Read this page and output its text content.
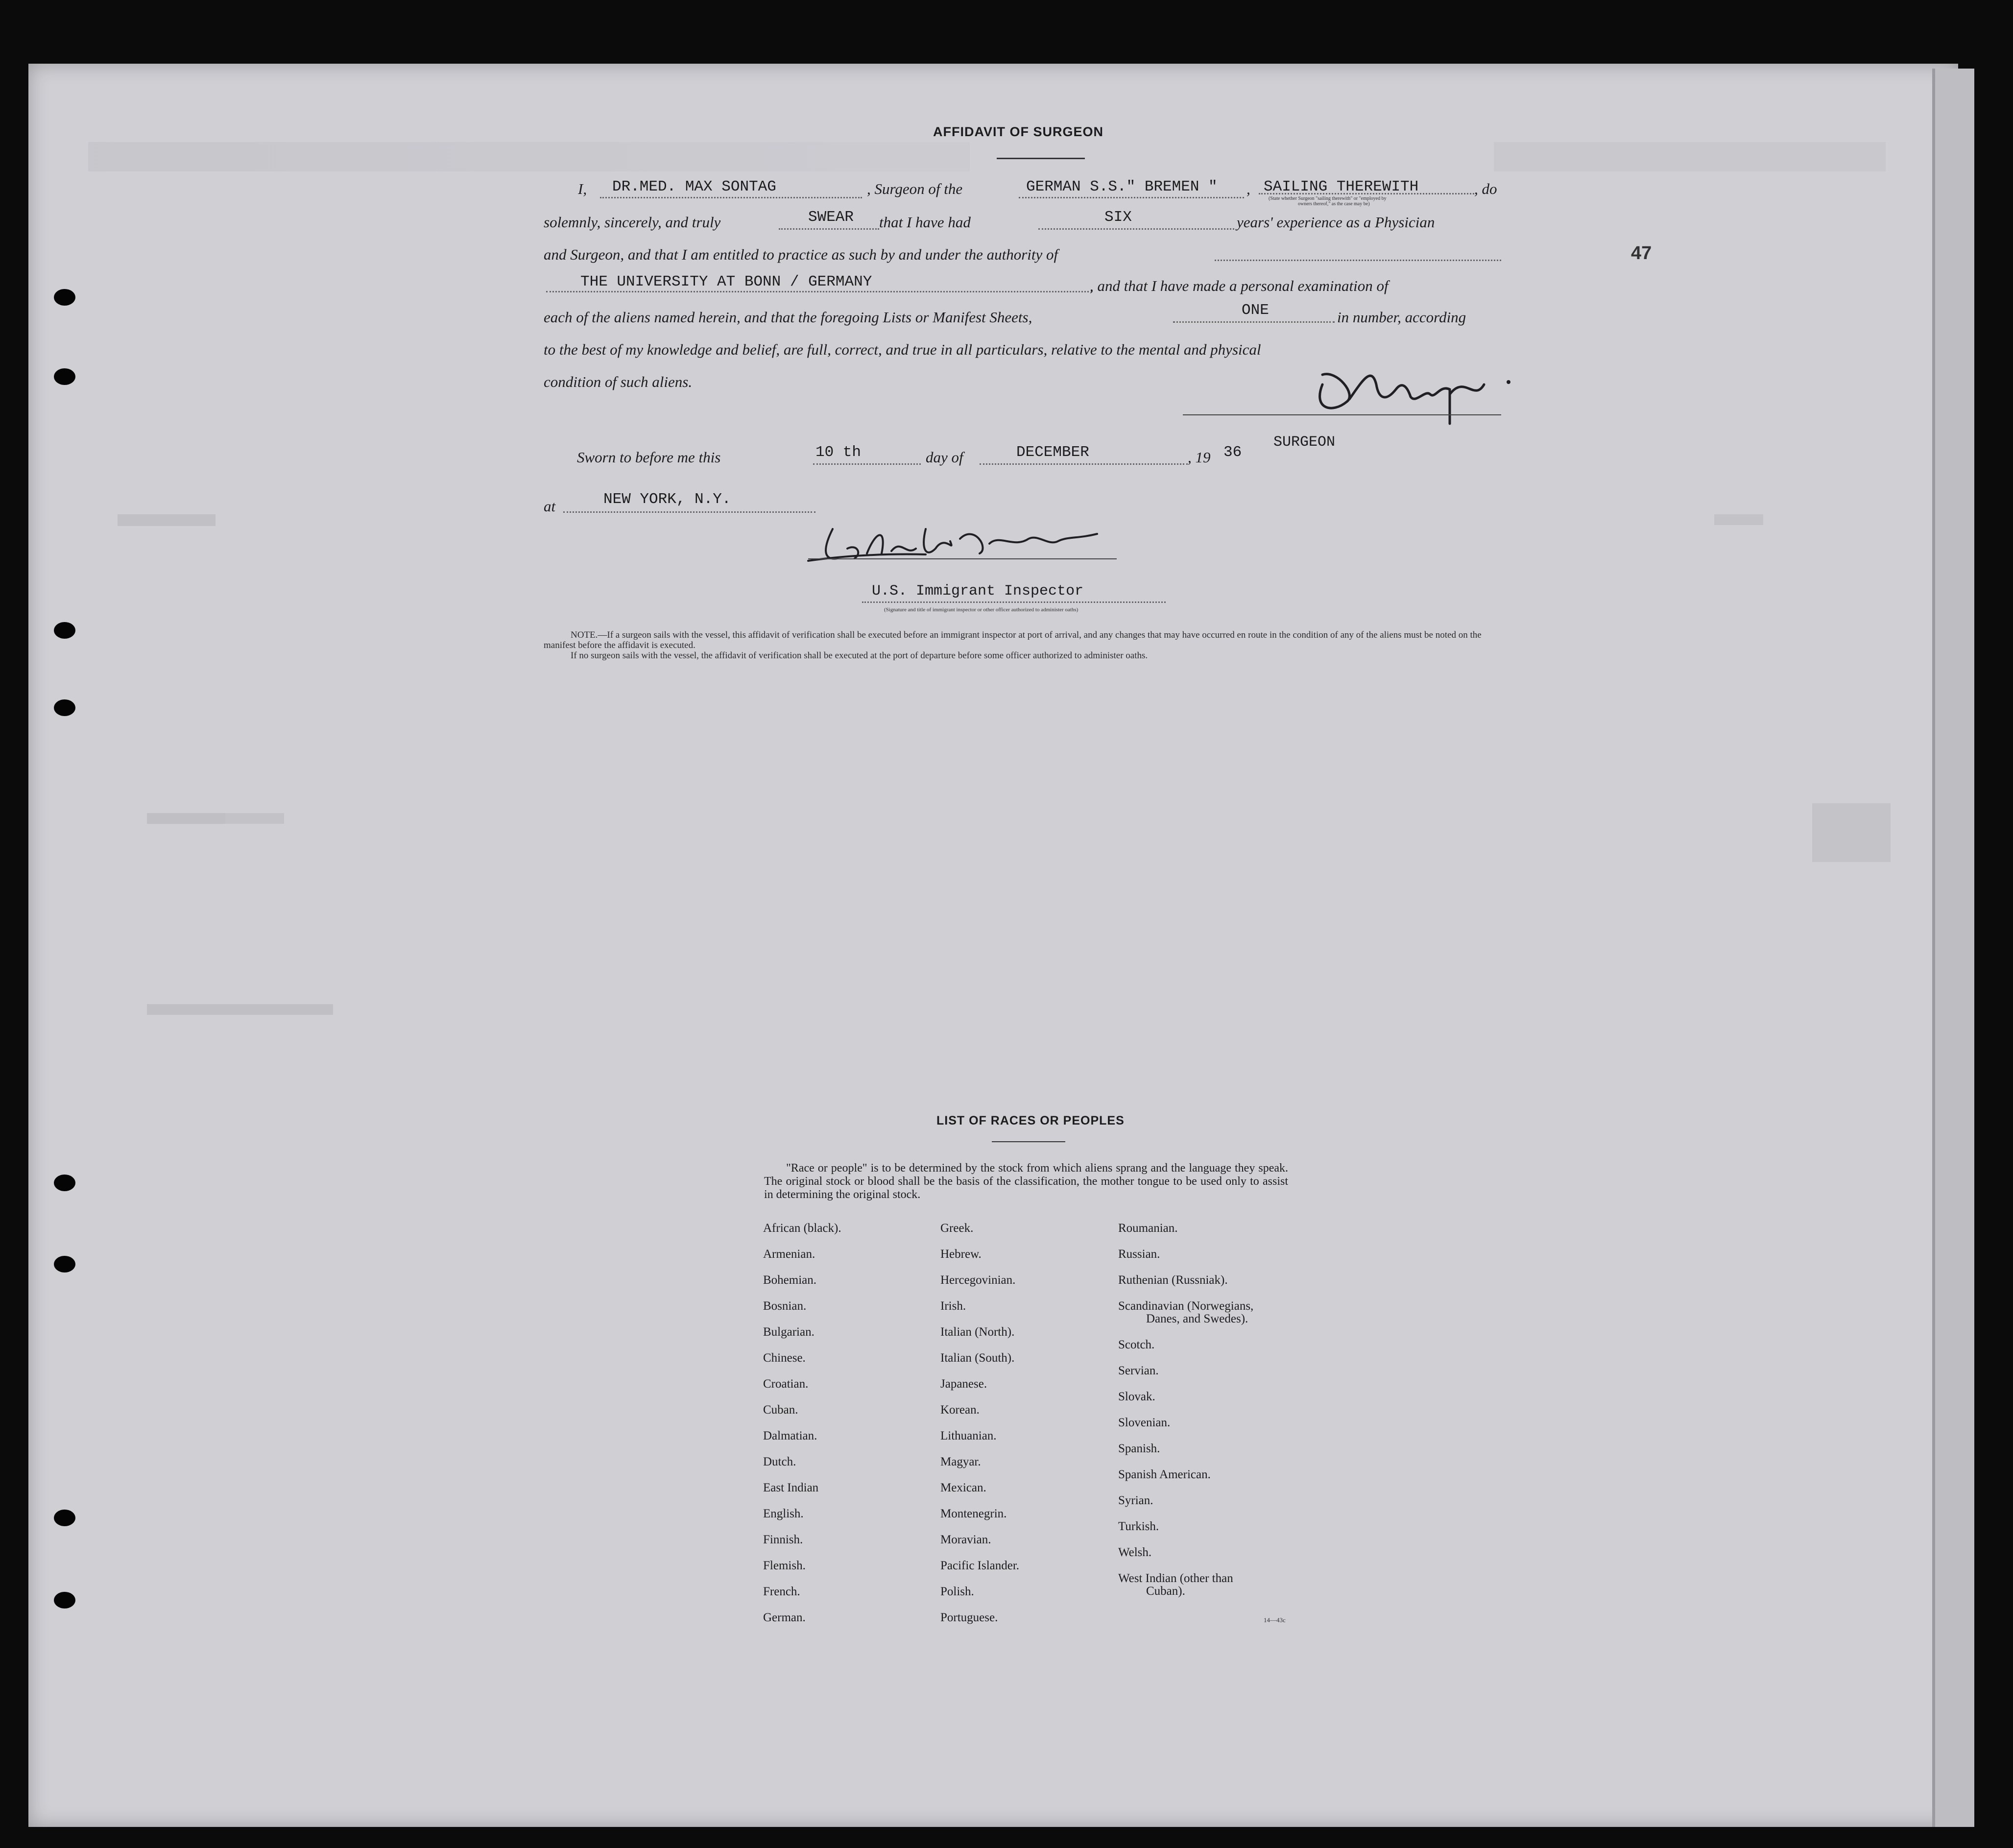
AFFIDAVIT OF SURGEON
I, DR.MED. MAX SONTAG	, Surgeon of the	GERMAN S.S." BREMEN " , SAILING THEREWITH
(State whether Surgeon "sailing therewith" or "employed by
owners thereof," as the case may be)
, do
solemnly, sincerely, and truly	SWEAR that I have had	SIX	years' experience as a Physician
and Surgeon, and that I am entitled to practice as such by and under the authority of
THE UNIVERSITY AT BONN / GERMANY	, and that I have made a personal examination of
each of the aliens named herein, and that the foregoing Lists or Manifest Sheets,	ONE	in number, according
to the best of my knowledge and belief, are full, correct, and true in all particulars, relative to the mental and physical
condition of such aliens.
SURGEON
Sworn to before me this	10 th	day of	DECEMBER	, 19 36
at	NEW YORK, N.Y.
U.S. Immigrant Inspector
(Signature and title of immigrant inspector or other officer authorized to administer oaths)
NOTE.—If a surgeon sails with the vessel, this affidavit of verification shall be executed before an immigrant inspector at port of arrival, and any changes that may have occurred en route in the condition of any of the aliens must be noted on the manifest before the affidavit is executed.
If no surgeon sails with the vessel, the affidavit of verification shall be executed at the port of departure before some officer authorized to administer oaths.
47
LIST OF RACES OR PEOPLES
"Race or people" is to be determined by the stock from which aliens sprang and the language they speak. The original stock or blood shall be the basis of the classification, the mother tongue to be used only to assist in determining the original stock.
African (black).
Armenian.
Bohemian.
Bosnian.
Bulgarian.
Chinese.
Croatian.
Cuban.
Dalmatian.
Dutch.
East Indian
English.
Finnish.
Flemish.
French.
German.
Greek.
Hebrew.
Hercegovinian.
Irish.
Italian (North).
Italian (South).
Japanese.
Korean.
Lithuanian.
Magyar.
Mexican.
Montenegrin.
Moravian.
Pacific Islander.
Polish.
Portuguese.
Roumanian.
Russian.
Ruthenian (Russniak).
Scandinavian (Norwegians,
Danes, and Swedes).
Scotch.
Servian.
Slovak.
Slovenian.
Spanish.
Spanish American.
Syrian.
Turkish.
Welsh.
West Indian (other than
Cuban).
14—43c
